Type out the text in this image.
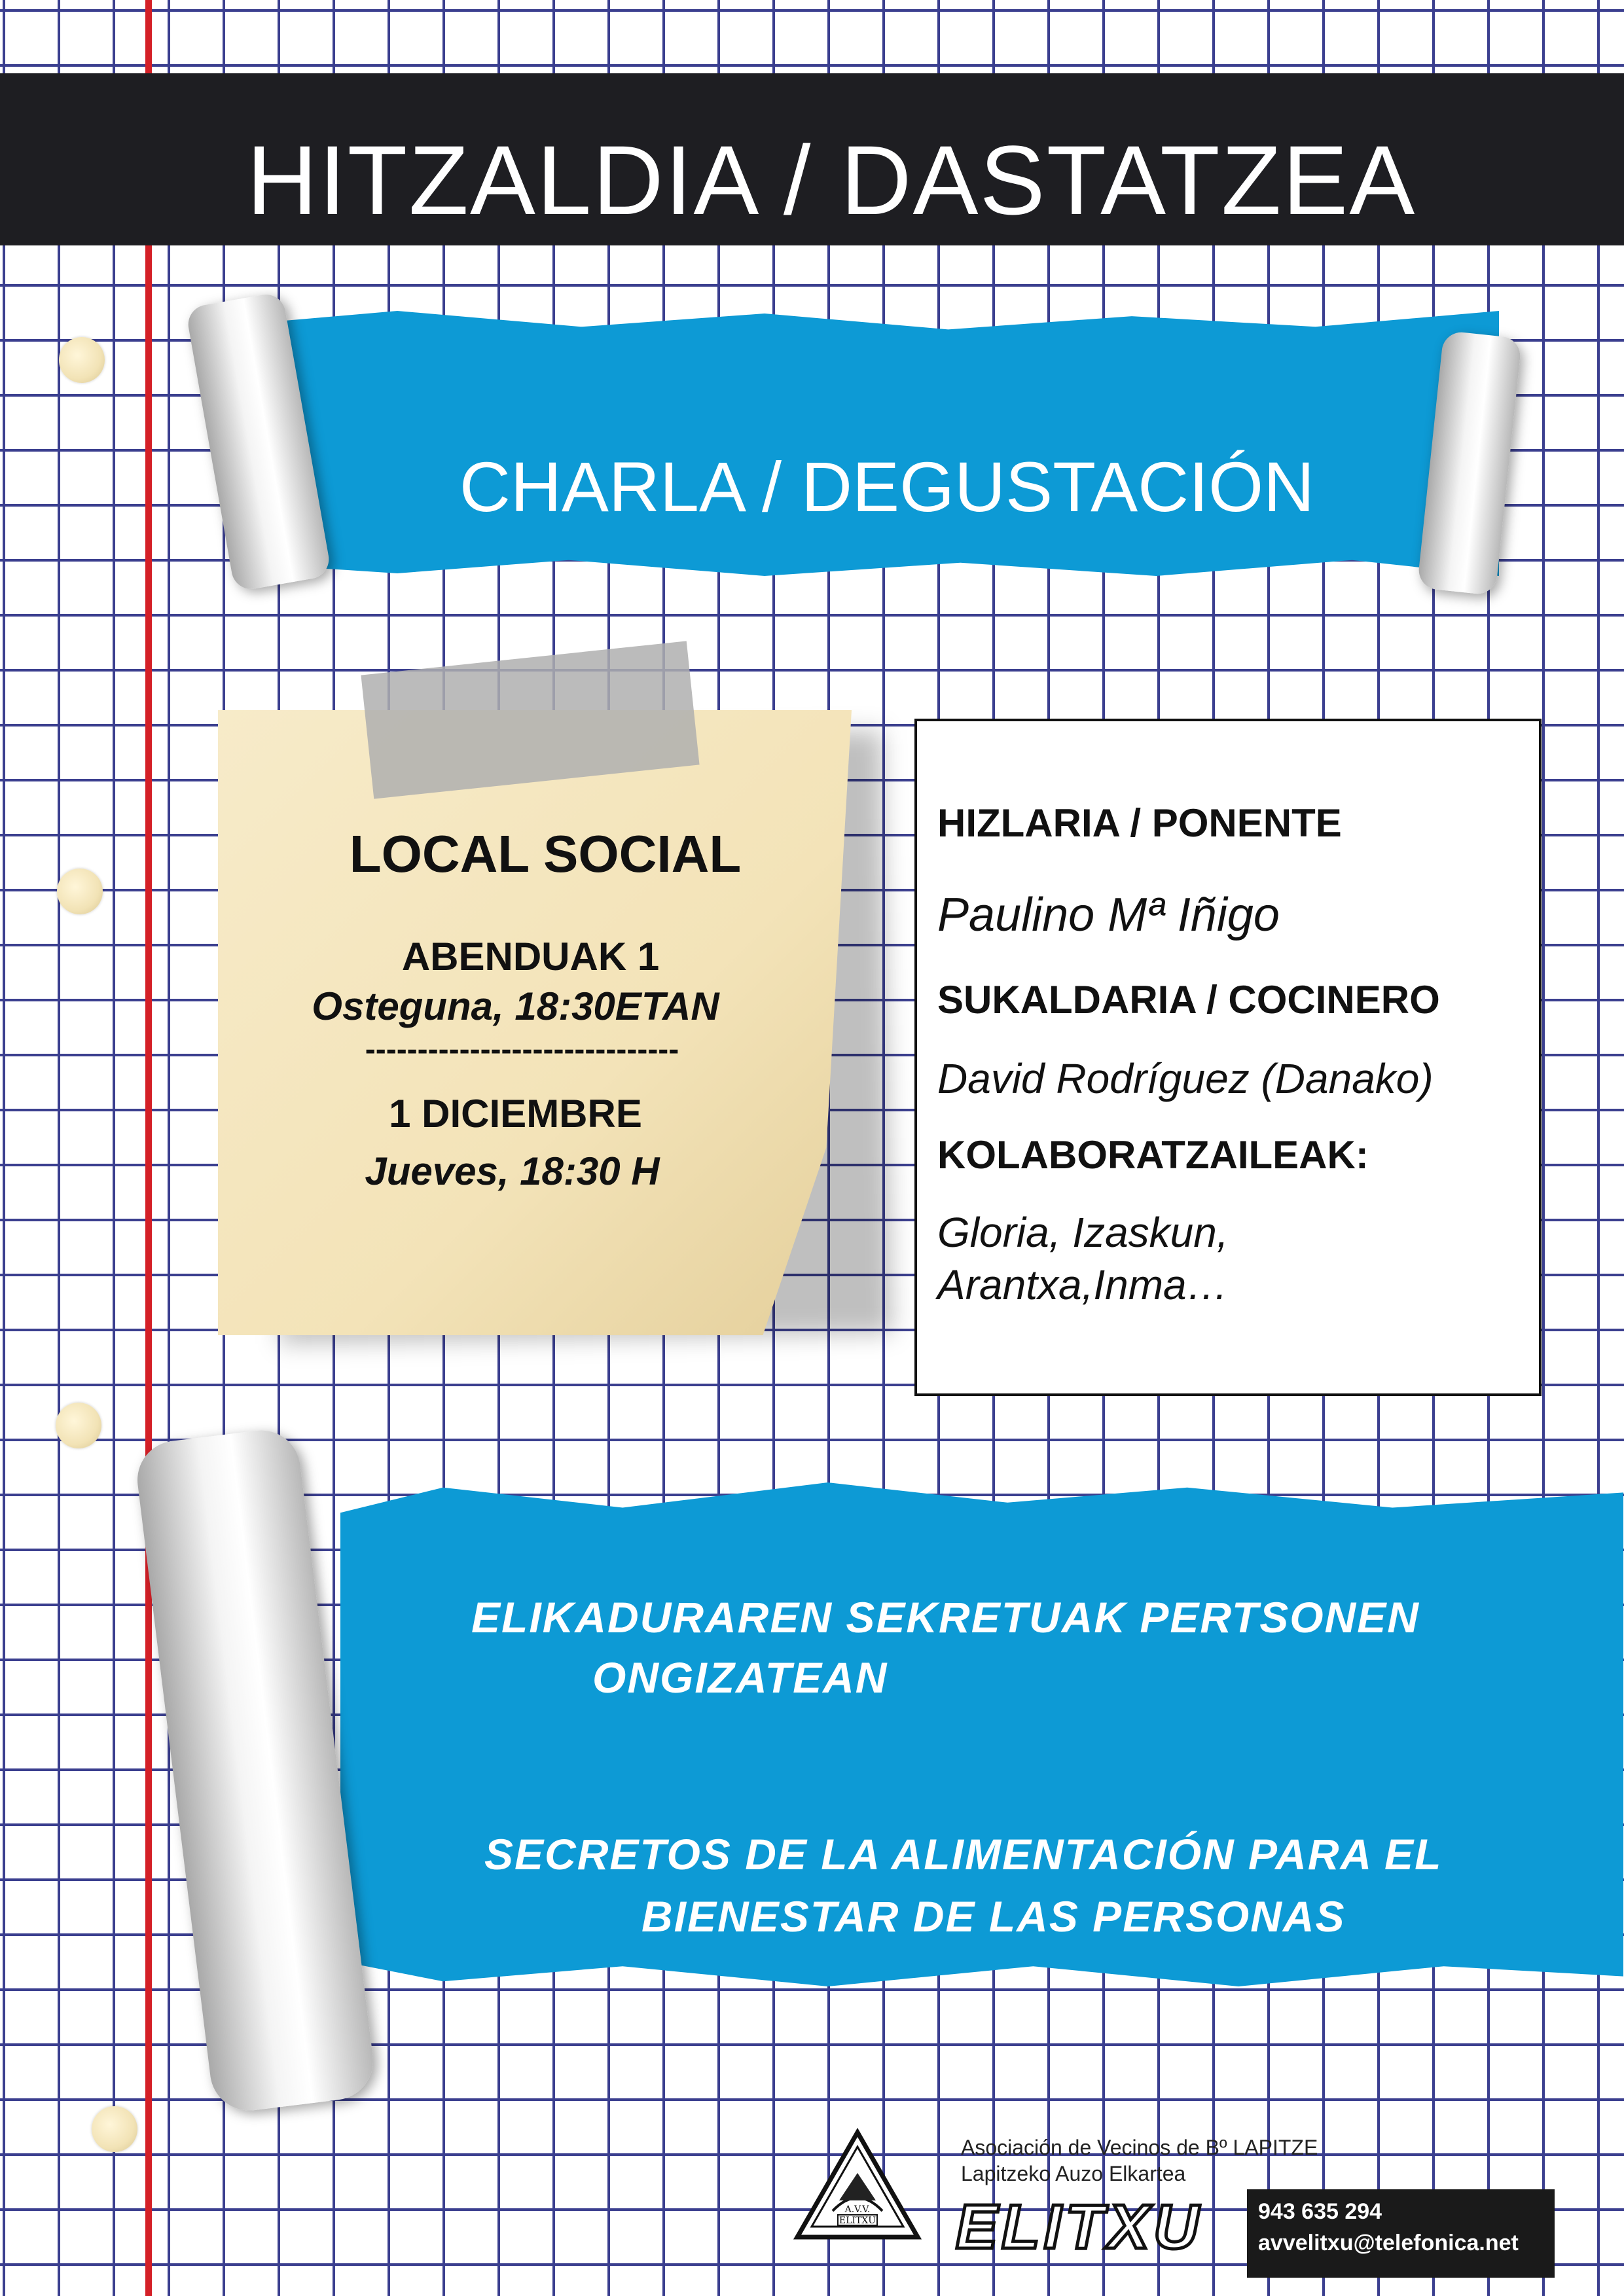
HITZALDIA / DASTATZEA
CHARLA / DEGUSTACIÓN
LOCAL SOCIAL
ABENDUAK 1
Osteguna, 18:30ETAN
------------------------------
1 DICIEMBRE
Jueves, 18:30 H
HIZLARIA / PONENTE
Paulino Mª Iñigo
SUKALDARIA / COCINERO
David Rodríguez (Danako)
KOLABORATZAILEAK:
Gloria, Izaskun,
Arantxa,Inma…
ELIKADURAREN SEKRETUAK PERTSONEN
ONGIZATEAN
SECRETOS DE LA ALIMENTACIÓN PARA EL
BIENESTAR DE LAS PERSONAS
A.V.V.
ELITXU
Asociación de Vecinos de Bº LAPITZE
Lapitzeko Auzo Elkartea
ELITXU 943 635 294
avvelitxu@telefonica.net
